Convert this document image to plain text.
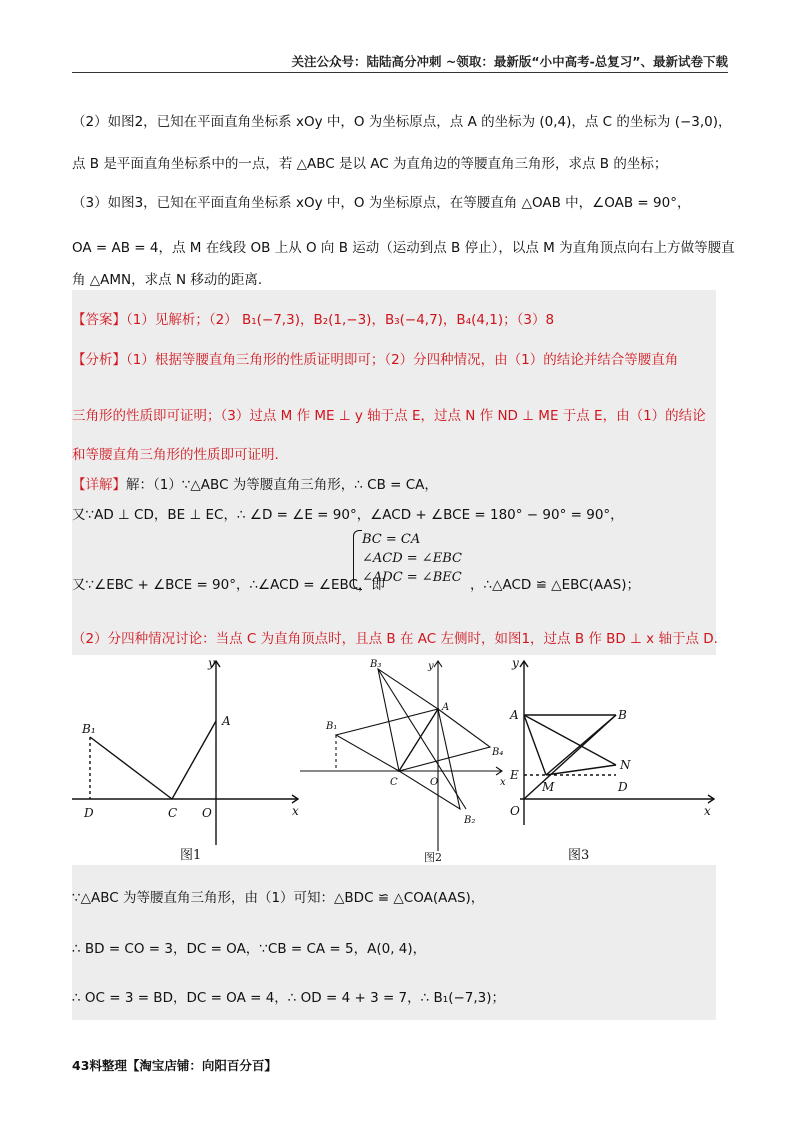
关注公众号：陆陆高分冲刺 ~领取：最新版“小中高考-总复习”、最新试卷下载
（2）如图2，已知在平面直角坐标系 xOy 中，O 为坐标原点，点 A 的坐标为 (0,4)，点 C 的坐标为 (−3,0)，
点 B 是平面直角坐标系中的一点，若 △ABC 是以 AC 为直角边的等腰直角三角形，求点 B 的坐标；
（3）如图3，已知在平面直角坐标系 xOy 中，O 为坐标原点，在等腰直角 △OAB 中，∠OAB = 90°，
OA = AB = 4，点 M 在线段 OB 上从 O 向 B 运动（运动到点 B 停止），以点 M 为直角顶点向右上方做等腰直
角 △AMN，求点 N 移动的距离.
【答案】（1）见解析；（2） B₁(−7,3)，B₂(1,−3)，B₃(−4,7)，B₄(4,1)；（3）8
【分析】（1）根据等腰直角三角形的性质证明即可；（2）分四种情况，由（1）的结论并结合等腰直角
三角形的性质即可证明；（3）过点 M 作 ME ⊥ y 轴于点 E，过点 N 作 ND ⊥ ME 于点 E，由（1）的结论
和等腰直角三角形的性质即可证明.
【详解】解：（1）∵△ABC 为等腰直角三角形，∴ CB = CA，
又∵AD ⊥ CD，BE ⊥ EC，∴ ∠D = ∠E = 90°，∠ACD + ∠BCE = 180° − 90° = 90°，
又∵∠EBC + ∠BCE = 90°，∴∠ACD = ∠EBC，即
BC = CA
∠ACD = ∠EBC
∠ADC = ∠BEC ，∴△ACD ≌ △EBC(AAS)；
（2）分四种情况讨论：当点 C 为直角顶点时，且点 B 在 AC 左侧时，如图1，过点 B 作 BD ⊥ x 轴于点 D.
y
x
A
B₁
D	C O
图1
y
x
A
B₁
B₂
B₃
B₄
C	O
图2
y
x
A	B
N
E
M	D
O
图3
∵△ABC 为等腰直角三角形，由（1）可知：△BDC ≌ △COA(AAS)，
∴ BD = CO = 3，DC = OA，∵CB = CA = 5，A(0, 4)，
∴ OC = 3 = BD，DC = OA = 4，∴ OD = 4 + 3 = 7，∴ B₁(−7,3)；
43料整理【淘宝店铺：向阳百分百】
